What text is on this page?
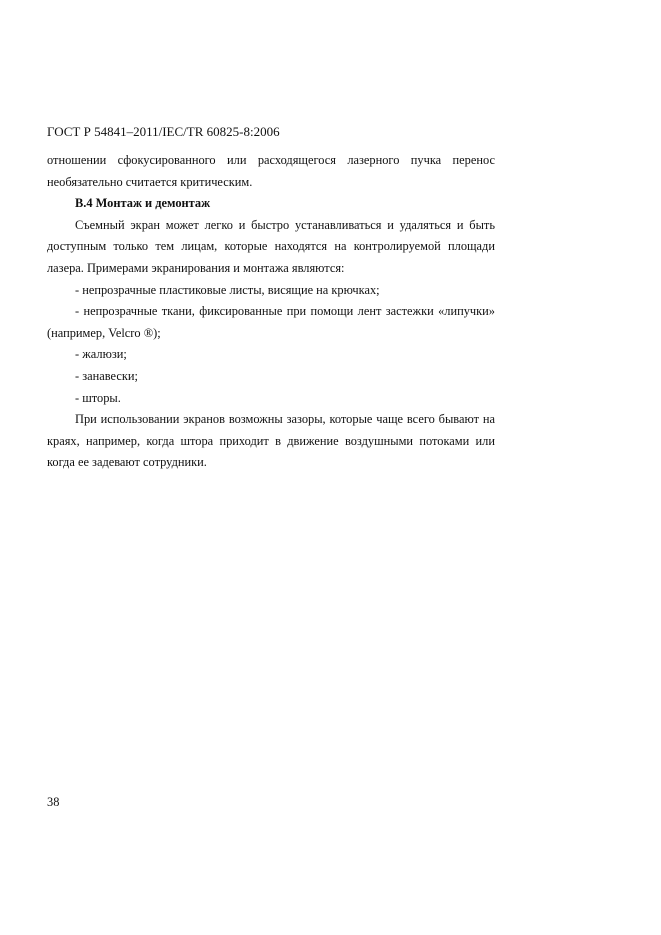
ГОСТ Р 54841–2011/IEC/TR 60825-8:2006

отношении сфокусированного или расходящегося лазерного пучка перенос необязательно считается критическим.

В.4 Монтаж и демонтаж

Съемный экран может легко и быстро устанавливаться и удаляться и быть доступным только тем лицам, которые находятся на контролируемой площади лазера. Примерами экранирования и монтажа являются:

- непрозрачные пластиковые листы, висящие на крючках;

- непрозрачные ткани, фиксированные при помощи лент застежки «липучки» (например, Velcro ®);

- жалюзи;

- занавески;

- шторы.

При использовании экранов возможны зазоры, которые чаще всего бывают на краях, например, когда штора приходит в движение воздушными потоками или когда ее задевают сотрудники.

38
